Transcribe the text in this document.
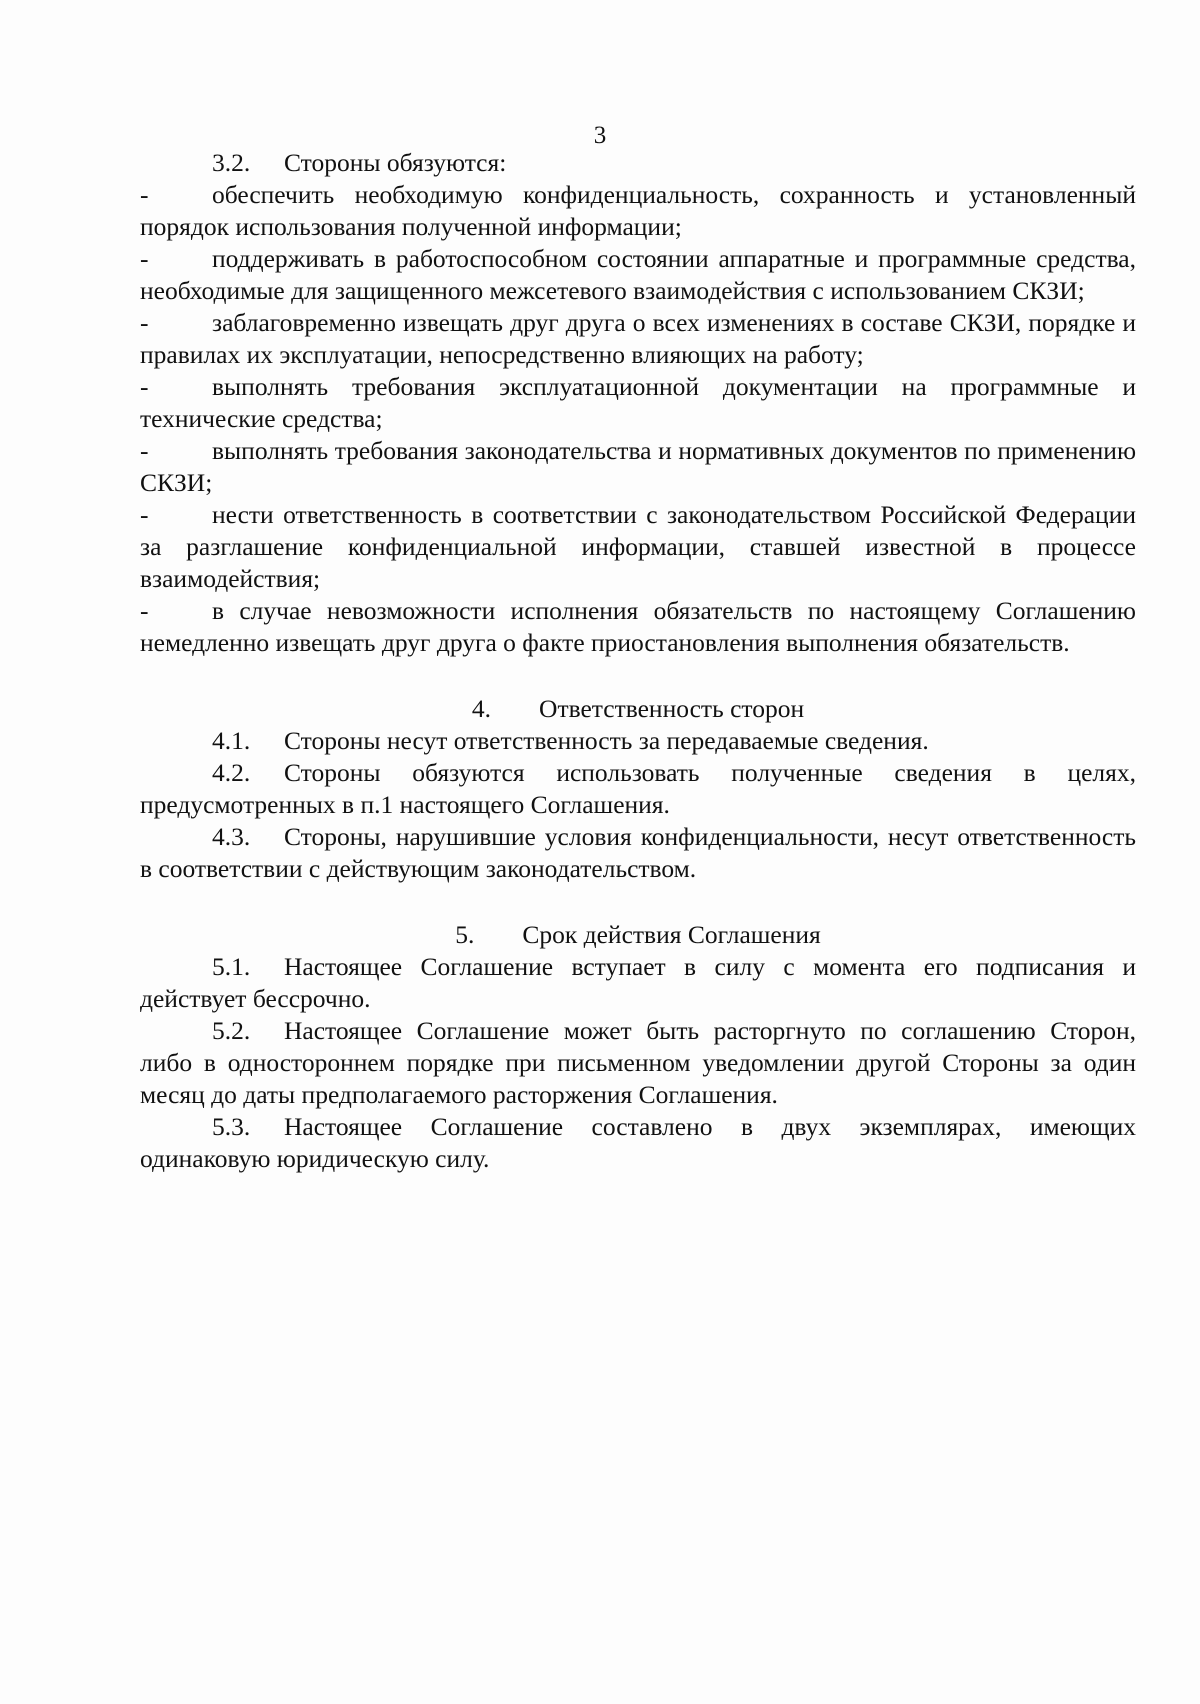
3

3.2. Стороны обязуются:

- обеспечить необходимую конфиденциальность, сохранность и установленный порядок использования полученной информации;

- поддерживать в работоспособном состоянии аппаратные и программные средства, необходимые для защищенного межсетевого взаимодействия с использованием СКЗИ;

- заблаговременно извещать друг друга о всех изменениях в составе СКЗИ, порядке и правилах их эксплуатации, непосредственно влияющих на работу;

- выполнять требования эксплуатационной документации на программные и технические средства;

- выполнять требования законодательства и нормативных документов по применению СКЗИ;

- нести ответственность в соответствии с законодательством Российской Федерации за разглашение конфиденциальной информации, ставшей известной в процессе взаимодействия;

- в случае невозможности исполнения обязательств по настоящему Соглашению немедленно извещать друг друга о факте приостановления выполнения обязательств.

4. Ответственность сторон

4.1. Стороны несут ответственность за передаваемые сведения.

4.2. Стороны обязуются использовать полученные сведения в целях, предусмотренных в п.1 настоящего Соглашения.

4.3. Стороны, нарушившие условия конфиденциальности, несут ответственность в соответствии с действующим законодательством.

5. Срок действия Соглашения

5.1. Настоящее Соглашение вступает в силу с момента его подписания и действует бессрочно.

5.2. Настоящее Соглашение может быть расторгнуто по соглашению Сторон, либо в одностороннем порядке при письменном уведомлении другой Стороны за один месяц до даты предполагаемого расторжения Соглашения.

5.3. Настоящее Соглашение составлено в двух экземплярах, имеющих одинаковую юридическую силу.
